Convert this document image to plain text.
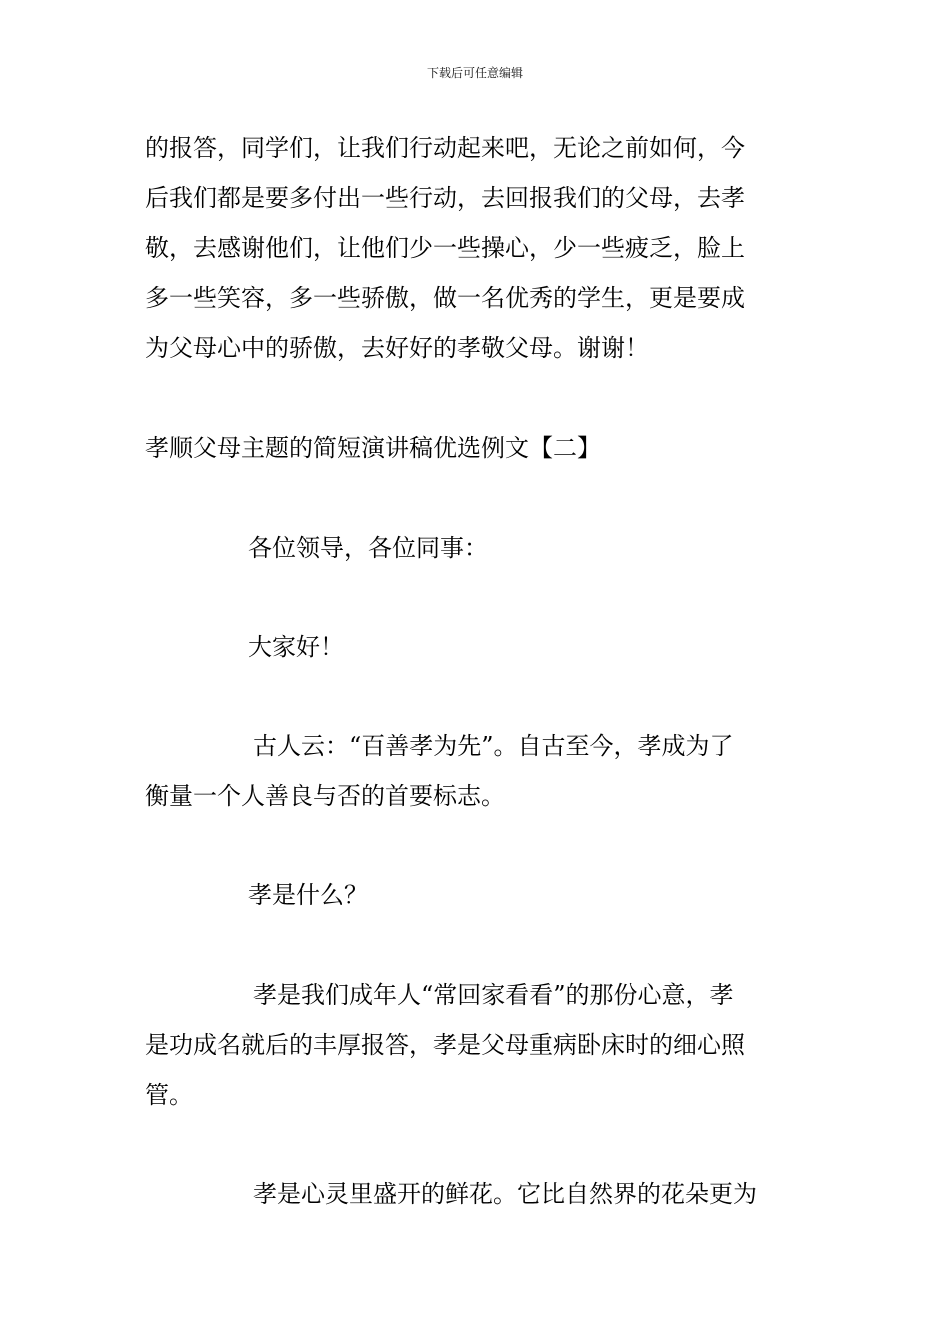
下载后可任意编辑
的报答，同学们，让我们行动起来吧，无论之前如何，今
后我们都是要多付出一些行动，去回报我们的父母，去孝
敬，去感谢他们，让他们少一些操心，少一些疲乏，脸上
多一些笑容，多一些骄傲，做一名优秀的学生，更是要成
为父母心中的骄傲，去好好的孝敬父母。谢谢！
孝顺父母主题的简短演讲稿优选例文【二】
各位领导，各位同事：
大家好！
古人云：“百善孝为先”。自古至今，孝成为了
衡量一个人善良与否的首要标志。
孝是什么？
孝是我们成年人“常回家看看”的那份心意，孝
是功成名就后的丰厚报答，孝是父母重病卧床时的细心照
管。
孝是心灵里盛开的鲜花。它比自然界的花朵更为
